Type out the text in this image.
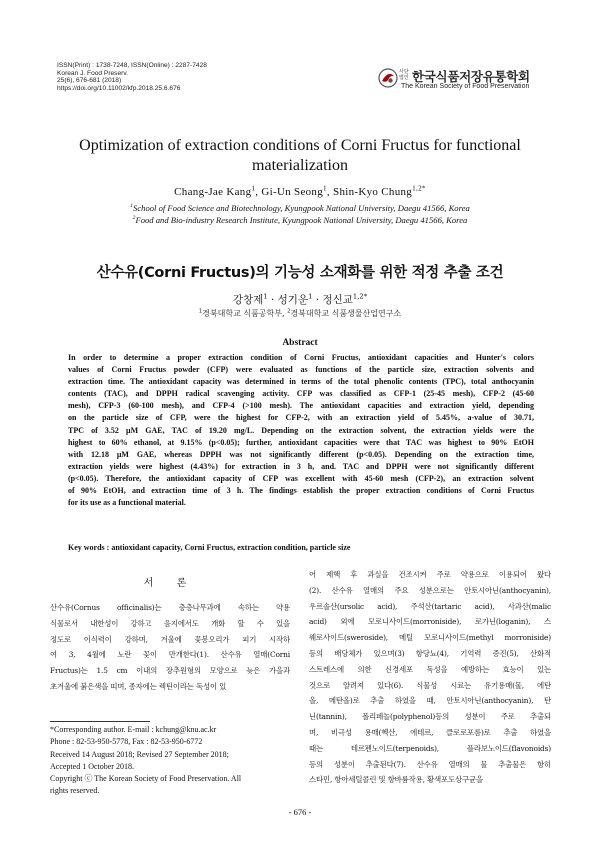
ISSN(Print) : 1738-7248, ISSN(Online) : 2287-7428
Korean J. Food Preserv.
25(6), 676-681 (2018)
https://doi.org/10.11002/kfp.2018.25.6.676
사단 법인 한국식품저장유통학회
The Korean Society of Food Preservation
Optimization of extraction conditions of Corni Fructus for functional materialization
Chang-Jae Kang$^1$, Gi-Un Seong$^1$, Shin-Kyo Chung$^{1,2*}$
$^1$School of Food Science and Biotechnology, Kyungpook National University, Daegu 41566, Korea
$^2$Food and Bio-industry Research Institute, Kyungpook National University, Daegu 41566, Korea
산수유(Corni Fructus)의 기능성 소재화를 위한 적정 추출 조건
강창제$^1$ · 성기운$^1$ · 정신교$^{1,2*}$
$^1$경북대학교 식품공학부, $^2$경북대학교 식품생물산업연구소
Abstract
In order to determine a proper extraction condition of Corni Fructus, antioxidant capacities and Hunter's colors
values of Corni Fructus powder (CFP) were evaluated as functions of the particle size, extraction solvents and
extraction time. The antioxidant capacity was determined in terms of the total phenolic contents (TPC), total anthocyanin
contents (TAC), and DPPH radical scavenging activity. CFP was classified as CFP-1 (25-45 mesh), CFP-2 (45-60
mesh), CFP-3 (60-100 mesh), and CFP-4 (>100 mesh). The antioxidant capacities and extraction yield, depending
on the particle size of CFP, were the highest for CFP-2, with an extraction yield of 5.45%, a-value of 30.71,
TPC of 3.52 μM GAE, TAC of 19.20 mg/L. Depending on the extraction solvent, the extraction yields were the
highest to 60% ethanol, at 9.15% (p<0.05); further, antioxidant capacities were that TAC was highest to 90% EtOH
with 12.18 μM GAE, whereas DPPH was not significantly different (p<0.05). Depending on the extraction time,
extraction yields were highest (4.43%) for extraction in 3 h, and. TAC and DPPH were not significantly different
(p<0.05). Therefore, the antioxidant capacity of CFP was excellent with 45-60 mesh (CFP-2), an extraction solvent
of 90% EtOH, and extraction time of 3 h. The findings establish the proper extraction conditions of Corni Fructus
for its use as a functional material.
Key words : antioxidant capacity, Corni Fructus, extraction condition, particle size
서 론
산수유(Cornus officinalis)는 층층나무과에 속하는 약용
식물로서 내한성이 강하고 음지에서도 개화 할 수 있을
정도로 이식력이 강하며, 겨울에 꽃봉오리가 피기 시작하
여 3, 4월에 노란 꽃이 만개한다(1). 산수유 열매(Corni
Fructus)는 1.5 cm 이내의 장추원형의 모양으로 늦은 가을과
초겨울에 붉은색을 띠며, 종자에는 렉틴이라는 독성이 있
어 제핵 후 과실을 건조시켜 주로 약용으로 이용되어 왔다
(2). 산수유 열매의 주요 성분으로는 안토시아닌(anthocyanin),
우르솔산(ursolic acid), 주석산(tartaric acid), 사과산(malic
acid) 외에 모로니사이드(morroniside), 로가닌(loganin), 스
웨로사이드(sweroside), 메틸 모로니사이드(methyl morroniside)
등의 배당체가 있으며(3) 항당뇨(4), 기억력 증진(5), 산화적
스트레스에 의한 신경세포 독성을 예방하는 효능이 있는
것으로 알려져 있다(6). 식물성 시료는 유기용매(물, 에탄
올, 메탄올)로 추출 하였을 때, 안토시아닌(anthocyanin), 탄
닌(tannin), 폴리페놀(polyphenol)등의 성분이 주로 추출되
며, 비극성 용매(헥산, 에테르, 클로로포름)로 추출 하였을
때는 테르펜노이드(terpenoids), 플라보노이드(flavonoids)
등의 성분이 추출된다(7). 산수유 열매의 물 추출물은 항히
스타민, 항아세틸콜린 및 항바륨작용, 황색포도상구균을
*Corresponding author. E-mail : kchung@knu.ac.kr
Phone : 82-53-950-5778, Fax : 82-53-950-6772
Received 14 August 2018; Revised 27 September 2018;
Accepted 1 October 2018.
Copyright ⓒ The Korean Society of Food Preservation. All
rights reserved.
- 676 -
